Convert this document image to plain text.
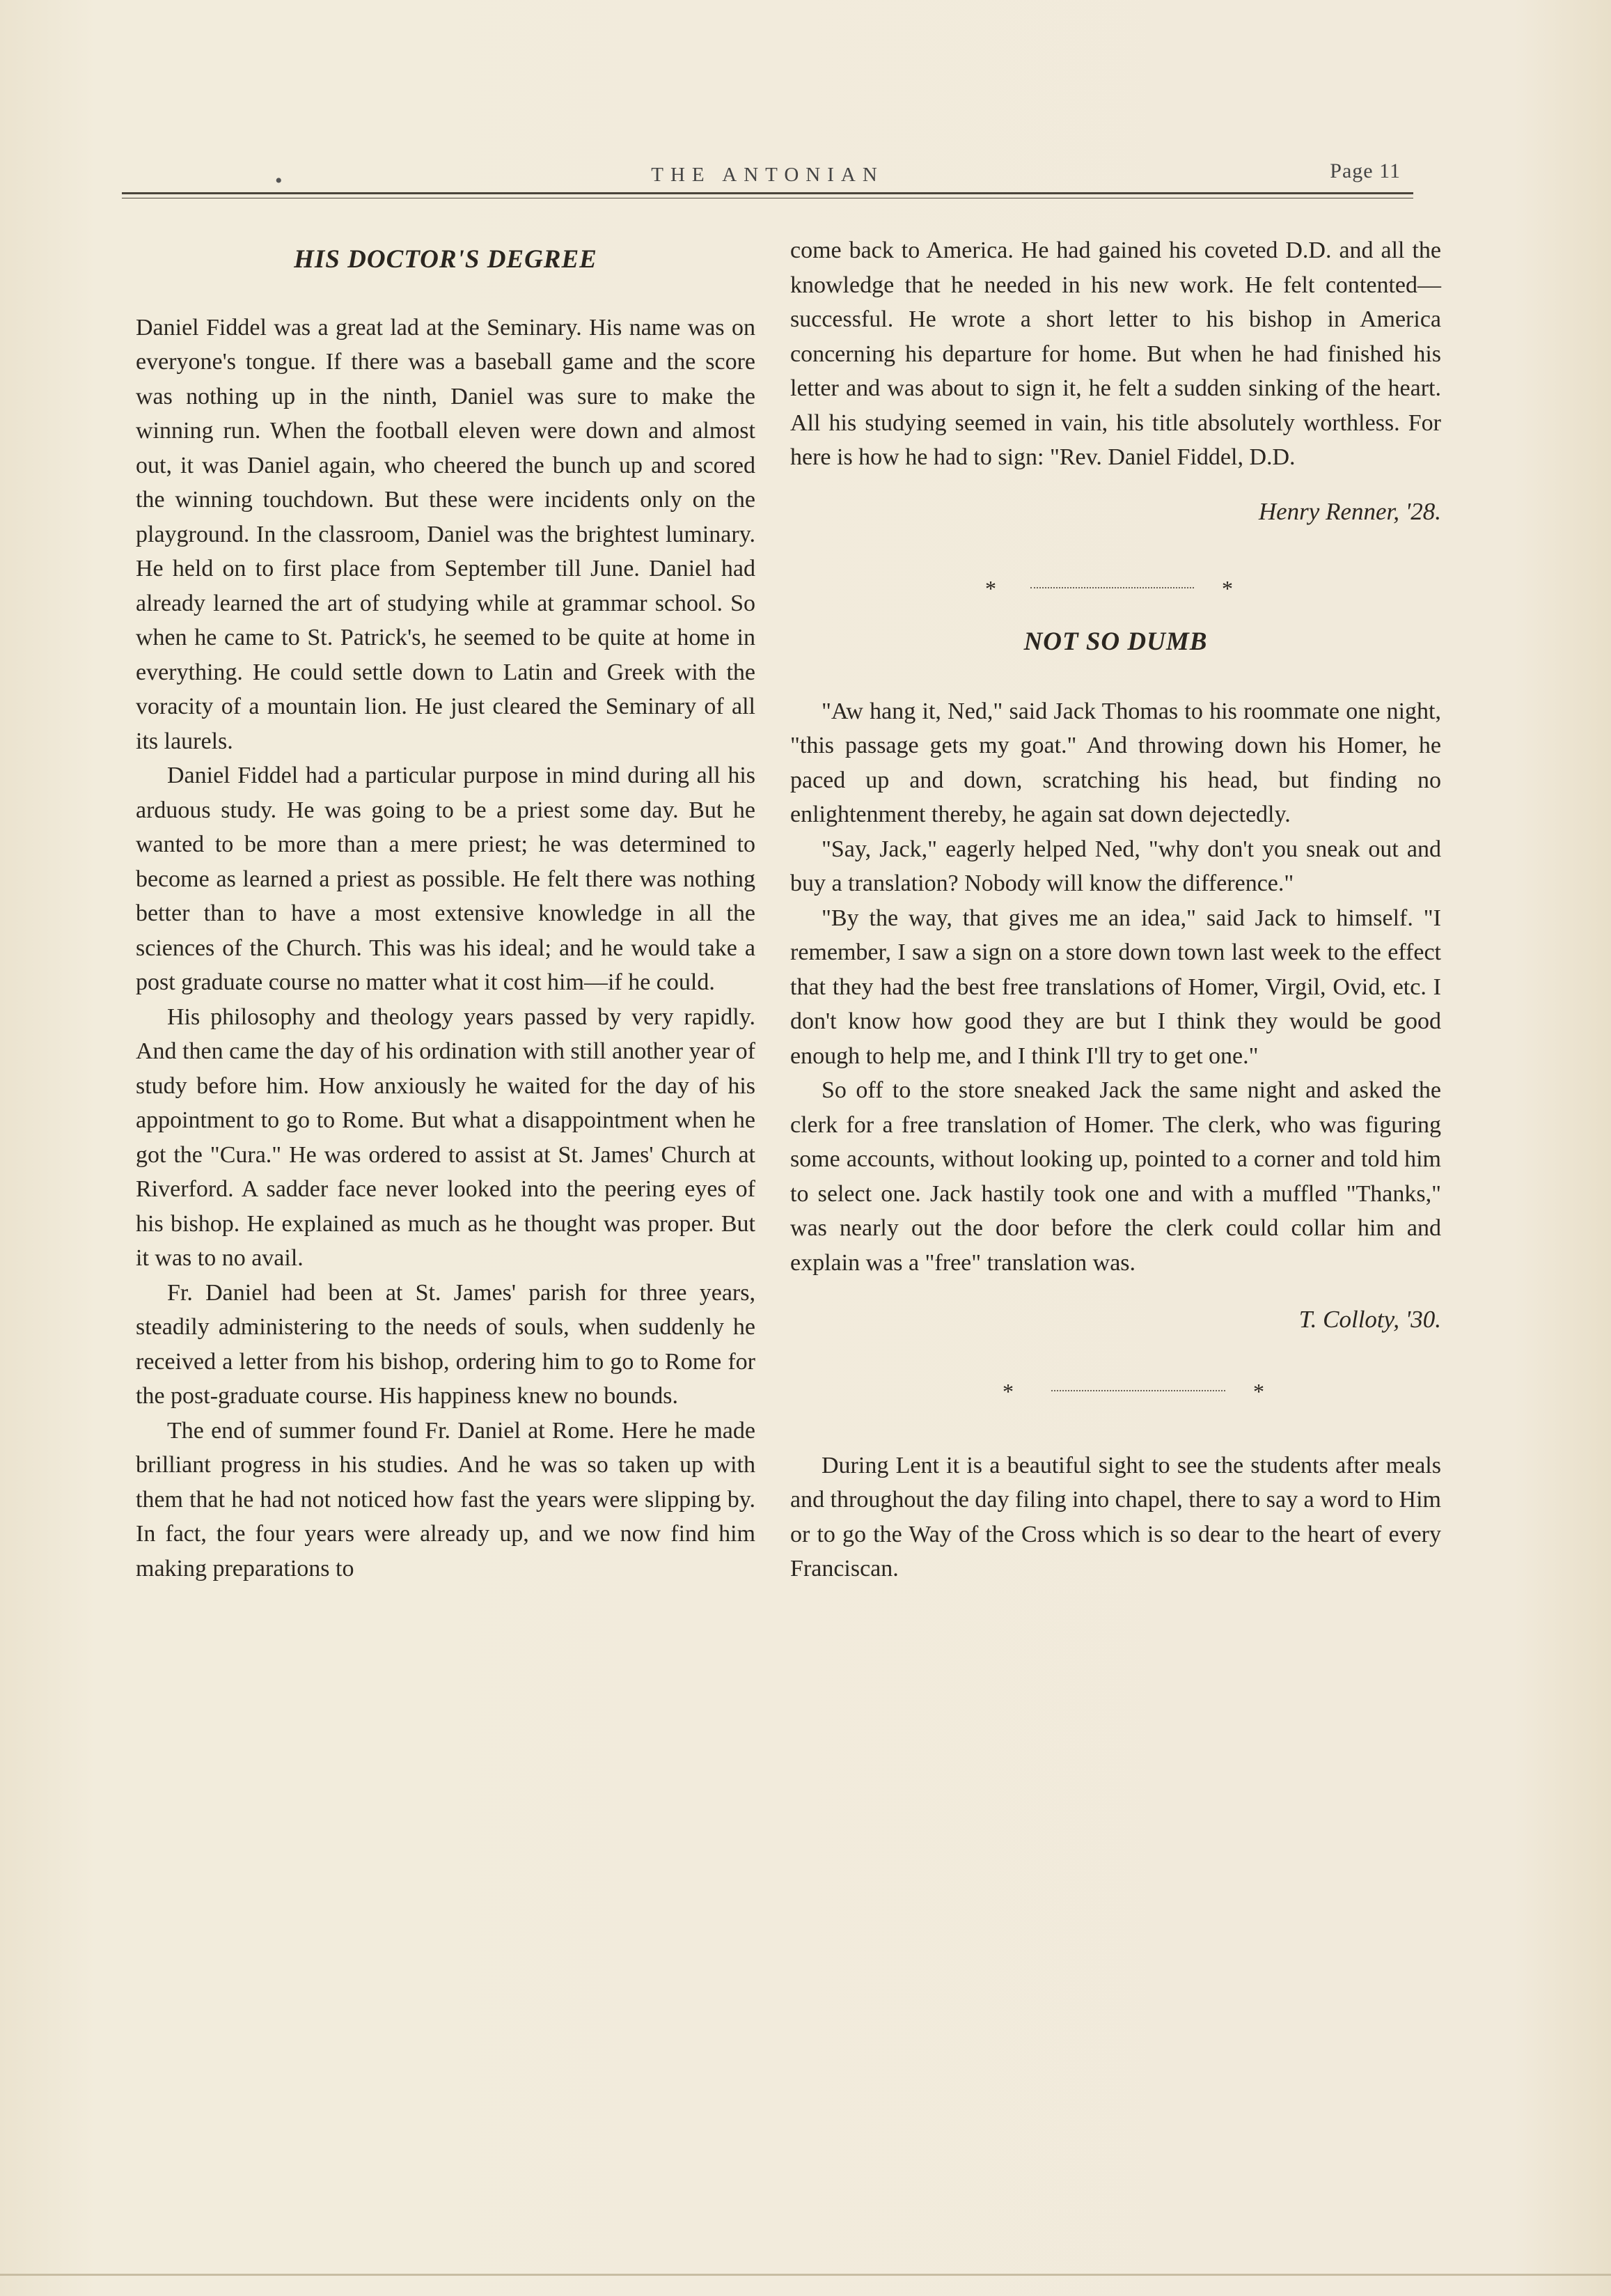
•	THE ANTONIAN	Page 11
HIS DOCTOR'S DEGREE

Daniel Fiddel was a great lad at the Seminary. His name was on everyone's tongue. If there was a baseball game and the score was nothing up in the ninth, Daniel was sure to make the winning run. When the football eleven were down and almost out, it was Daniel again, who cheered the bunch up and scored the winning touchdown. But these were incidents only on the playground. In the classroom, Daniel was the brightest luminary. He held on to first place from September till June. Daniel had already learned the art of studying while at grammar school. So when he came to St. Patrick's, he seemed to be quite at home in everything. He could settle down to Latin and Greek with the voracity of a mountain lion. He just cleared the Seminary of all its laurels.

Daniel Fiddel had a particular purpose in mind during all his arduous study. He was going to be a priest some day. But he wanted to be more than a mere priest; he was determined to become as learned a priest as possible. He felt there was nothing better than to have a most extensive knowledge in all the sciences of the Church. This was his ideal; and he would take a post graduate course no matter what it cost him—if he could.

His philosophy and theology years passed by very rapidly. And then came the day of his ordination with still another year of study before him. How anxiously he waited for the day of his appointment to go to Rome. But what a disappointment when he got the "Cura." He was ordered to assist at St. James' Church at Riverford. A sadder face never looked into the peering eyes of his bishop. He explained as much as he thought was proper. But it was to no avail.

Fr. Daniel had been at St. James' parish for three years, steadily administering to the needs of souls, when suddenly he received a letter from his bishop, ordering him to go to Rome for the post-graduate course. His happiness knew no bounds.

The end of summer found Fr. Daniel at Rome. Here he made brilliant progress in his studies. And he was so taken up with them that he had not noticed how fast the years were slipping by. In fact, the four years were already up, and we now find him making preparations to

come back to America. He had gained his coveted D.D. and all the knowledge that he needed in his new work. He felt contented—successful. He wrote a short letter to his bishop in America concerning his departure for home. But when he had finished his letter and was about to sign it, he felt a sudden sinking of the heart. All his studying seemed in vain, his title absolutely worthless. For here is how he had to sign: "Rev. Daniel Fiddel, D.D.

Henry Renner, '28.

*	*
NOT SO DUMB

"Aw hang it, Ned," said Jack Thomas to his roommate one night, "this passage gets my goat." And throwing down his Homer, he paced up and down, scratching his head, but finding no enlightenment thereby, he again sat down dejectedly.

"Say, Jack," eagerly helped Ned, "why don't you sneak out and buy a translation? Nobody will know the difference."

"By the way, that gives me an idea," said Jack to himself. "I remember, I saw a sign on a store down town last week to the effect that they had the best free translations of Homer, Virgil, Ovid, etc. I don't know how good they are but I think they would be good enough to help me, and I think I'll try to get one."

So off to the store sneaked Jack the same night and asked the clerk for a free translation of Homer. The clerk, who was figuring some accounts, without looking up, pointed to a corner and told him to select one. Jack hastily took one and with a muffled "Thanks," was nearly out the door before the clerk could collar him and explain was a "free" translation was.

T. Colloty, '30.

*	*

During Lent it is a beautiful sight to see the students after meals and throughout the day filing into chapel, there to say a word to Him or to go the Way of the Cross which is so dear to the heart of every Franciscan.
